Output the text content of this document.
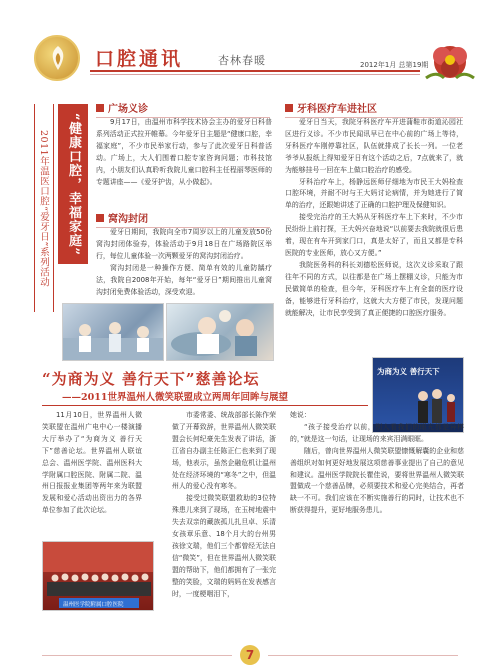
口腔通讯	杏林春暖	2012年1月 总第19期
“健康口腔，幸福家庭”
2011年温医口腔“爱牙日”系列活动
广场义诊
9月17日，由温州市科学技术协会主办的爱牙日科普系列活动正式拉开帷幕。今年爱牙日主题是“健康口腔，幸福家庭”，不少市民举家行动，参与了此次爱牙日科普活动。广场上，大人们围着口腔专家咨询问题；市科技馆内，小朋友们认真聆听我院儿童口腔科主任程丽琴医师的专题讲座——《爱牙护齿，从小做起》。
窝沟封闭

爱牙日期间，我院向全市7周岁以上的儿童发放50份窝沟封闭体验券，体验活动于9月18日在广场路院区举行，每位儿童体验一次两颗爱牙的窝沟封闭治疗。

窝沟封闭是一种操作方便、简单有效的儿童防龋疗法，我院自2008年开始，每年“爱牙日”期间推出儿童窝沟封闭免费体验活动，深受欢迎。

牙科医疗车进社区

爱牙日当天，我院牙科医疗车开进蒲鞋市街道沁园社区进行义诊。不少市民闻讯早已在中心前的广场上等待，牙科医疗车刚停靠社区，队伍就排成了长长一列。一位老爷爷从报纸上得知爱牙日有这个活动之后，7点就来了，就为能够挂号一回在车上做口腔治疗的感受。

牙科治疗车上，杨静远医师仔细地为市民王大妈检查口腔环境，并耐不时与王大妈讨论病情，并为她进行了简单的治疗，还跟她讲述了正确的口腔护理及保健知识。

接受完治疗的王大妈从牙科医疗车上下来时，不少市民纷纷上前打探，王大妈兴奋地说“以前要去我院就很后患着，现在有车开到家门口，真是太好了，而且又都是专科医院的专业医师，放心又方便。”

我院医务科的科长刘德松医师说，这次义诊采取了跟往年不同的方式，以往都是在广场上摆棚义诊，只能为市民做简单的检查，但今年，牙科医疗车上有全套的医疗设备，能够进行牙科治疗，这就大大方便了市民，发现问题就能解决，让市民享受到了真正便捷的口腔医疗服务。

“为商为义 善行天下”慈善论坛
——2011世界温州人微笑联盟成立两周年回眸与展望
为商为义 善行天下
11月10日，世界温州人微笑联盟在温州广电中心一楼演播大厅举办了“为商为义 善行天下”慈善论坛。世界温州人联谊总会、温州医学院、温州医科大学附属口腔医院、附属二院、温州日报报业集团等两年来为联盟发展和爱心活动出资出力的各界单位参加了此次论坛。

市委常委、统战部部长陈作荣做了开幕致辞，世界温州人微笑联盟会长何纪豪先生发表了讲话，浙江省自办副主任陈正仁也来到了现场，他表示，虽然企融危机让温州处在经济环境的“寒冬”之中，但温州人的爱心没有寒冬。

接受过微笑联盟救助的3位特殊患儿来到了现场，在玉树地震中失去双亲的藏族孤儿扎旦卓、乐清女孩章乐意、18个月大的台州男孩徐文瑞，他们三个都曾经无法自信“微笑”，但在世界温州人微笑联盟的帮助下，他们都拥有了一张完整的笑脸，文瑞的妈妈在发表感言时，一度梗咽泪下，

她说：

“孩子接受治疗以前，别人看我们的眼光都是异样的，”就是这一句话，让现场的来宾泪满眼眶。

随后，曾向世界温州人微笑联盟慷慨解囊的企业和慈善组织对如何更好地发展这项慈善事业提出了自己的意见和建议。温州医学院院长瞿佳说，要将世界温州人微笑联盟做成一个慈善品牌，必须要技术和爱心完美结合，再者缺一不可。我们应该在不断实施善行的同时，让技术也不断获得提升，更好地服务患儿。

温州医学院附属口腔医院
7
